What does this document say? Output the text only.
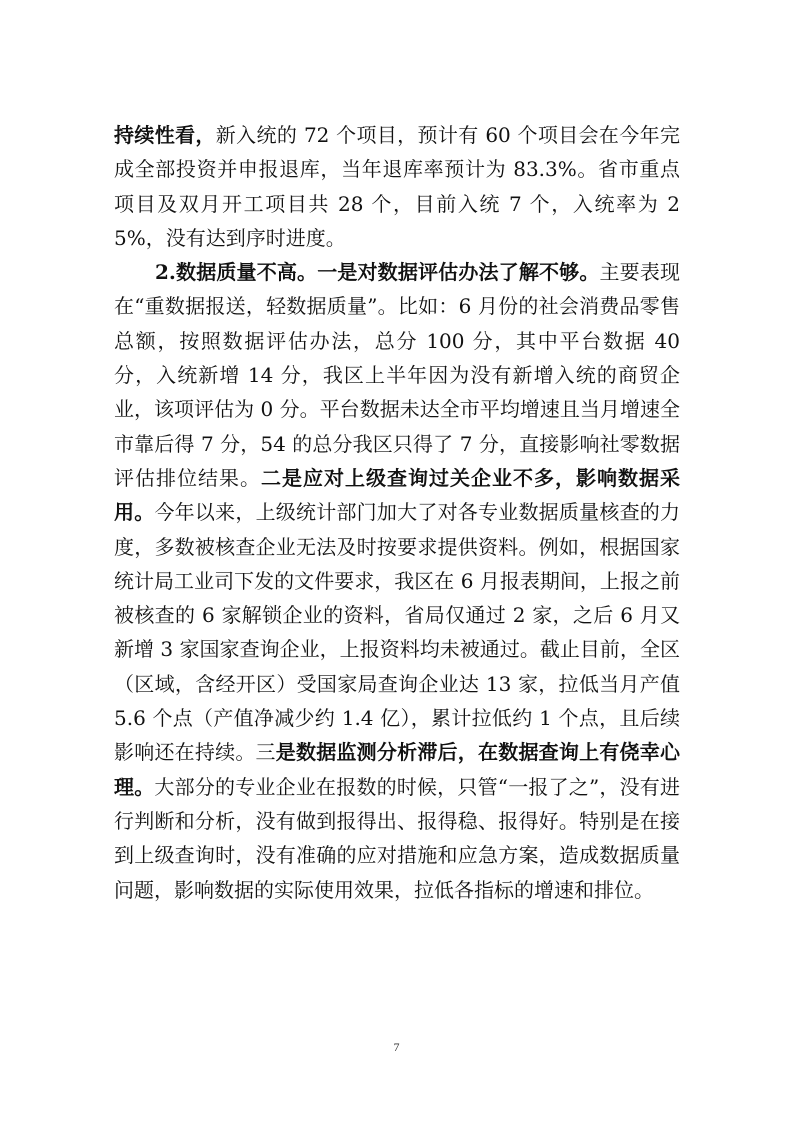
持续性看，新入统的 72 个项目，预计有 60 个项目会在今年完成全部投资并申报退库，当年退库率预计为 83.3%。省市重点项目及双月开工项目共 28 个，目前入统 7 个，入统率为 25%，没有达到序时进度。

2.数据质量不高。一是对数据评估办法了解不够。主要表现在“重数据报送，轻数据质量”。比如：6 月份的社会消费品零售总额，按照数据评估办法，总分 100 分，其中平台数据 40 分，入统新增 14 分，我区上半年因为没有新增入统的商贸企业，该项评估为 0 分。平台数据未达全市平均增速且当月增速全市靠后得 7 分，54 的总分我区只得了 7 分，直接影响社零数据评估排位结果。二是应对上级查询过关企业不多，影响数据采用。今年以来，上级统计部门加大了对各专业数据质量核查的力度，多数被核查企业无法及时按要求提供资料。例如，根据国家统计局工业司下发的文件要求，我区在 6 月报表期间，上报之前被核查的 6 家解锁企业的资料，省局仅通过 2 家，之后 6 月又新增 3 家国家查询企业，上报资料均未被通过。截止目前，全区（区域，含经开区）受国家局查询企业达 13 家，拉低当月产值 5.6 个点（产值净减少约 1.4 亿），累计拉低约 1 个点，且后续影响还在持续。三是数据监测分析滞后，在数据查询上有侥幸心理。大部分的专业企业在报数的时候，只管“一报了之”，没有进行判断和分析，没有做到报得出、报得稳、报得好。特别是在接到上级查询时，没有准确的应对措施和应急方案，造成数据质量问题，影响数据的实际使用效果，拉低各指标的增速和排位。

7
